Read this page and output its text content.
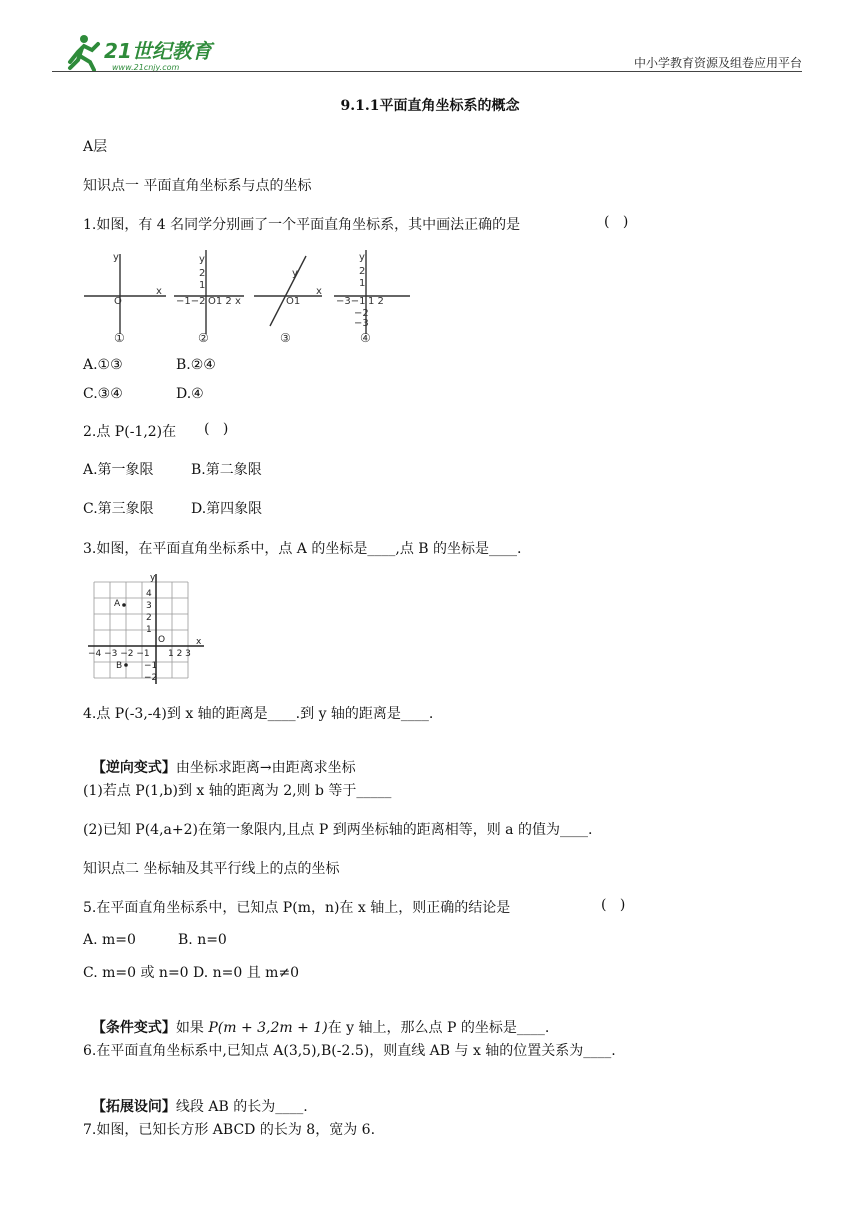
21世纪教育
www.21cnjy.com	中小学教育资源及组卷应用平台
9.1.1平面直角坐标系的概念
A层
知识点一 平面直角坐标系与点的坐标
1.如图，有 4 名同学分别画了一个平面直角坐标系，其中画法正确的是	(   )
y
O
x
y
2
1
−1−2 O1 2 x
y
O1
x
y
2
1
−3−1 1 2
−2
−3
①	②	③	④
A.①③	B.②④
C.③④	D.④
2.点 P(-1,2)在 (   )
A.第一象限	B.第二象限
C.第三象限	D.第四象限
3.如图，在平面直角坐标系中，点 A 的坐标是____,点 B 的坐标是____.
y
x
4
3
2
1
O
−4 −3 −2 −1 1 2 3
−1
−2
A
B
4.点 P(-3,-4)到 x 轴的距离是____.到 y 轴的距离是____.

【逆向变式】由坐标求距离→由距离求坐标

(1)若点 P(1,b)到 x 轴的距离为 2,则 b 等于_____
(2)已知 P(4,a+2)在第一象限内,且点 P 到两坐标轴的距离相等，则 a 的值为____.
知识点二 坐标轴及其平行线上的点的坐标
5.在平面直角坐标系中，已知点 P(m，n)在 x 轴上，则正确的结论是	(   )
A. m=0	B. n=0
C. m=0 或 n=0 D. n=0 且 m≠0

【条件变式】如果 P(m + 3,2m + 1)在 y 轴上，那么点 P 的坐标是____.

6.在平面直角坐标系中,已知点 A(3,5),B(-2.5)，则直线 AB 与 x 轴的位置关系为____.

【拓展设问】线段 AB 的长为____.

7.如图，已知长方形 ABCD 的长为 8，宽为 6.
